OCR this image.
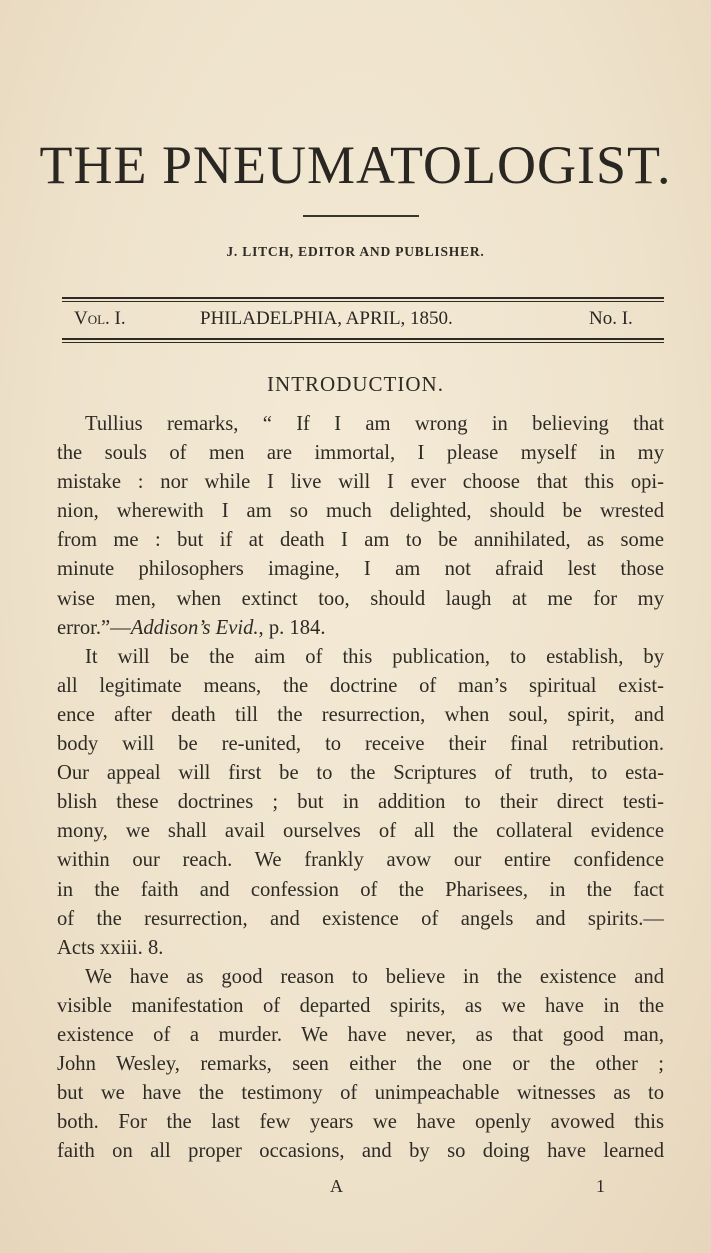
THE PNEUMATOLOGIST.
J. LITCH, EDITOR AND PUBLISHER.
Vol. I.	PHILADELPHIA, APRIL, 1850.	No. I.
INTRODUCTION.
Tullius remarks, “ If I am wrong in believing that
the souls of men are immortal, I please myself in my
mistake : nor while I live will I ever choose that this opi-
nion, wherewith I am so much delighted, should be wrested
from me : but if at death I am to be annihilated, as some
minute philosophers imagine, I am not afraid lest those
wise men, when extinct too, should laugh at me for my
error.”—Addison’s Evid., p. 184.
It will be the aim of this publication, to establish, by
all legitimate means, the doctrine of man’s spiritual exist-
ence after death till the resurrection, when soul, spirit, and
body will be re-united, to receive their final retribution.
Our appeal will first be to the Scriptures of truth, to esta-
blish these doctrines ; but in addition to their direct testi-
mony, we shall avail ourselves of all the collateral evidence
within our reach. We frankly avow our entire confidence
in the faith and confession of the Pharisees, in the fact
of the resurrection, and existence of angels and spirits.—
Acts xxiii. 8.
We have as good reason to believe in the existence and
visible manifestation of departed spirits, as we have in the
existence of a murder. We have never, as that good man,
John Wesley, remarks, seen either the one or the other ;
but we have the testimony of unimpeachable witnesses as to
both. For the last few years we have openly avowed this
faith on all proper occasions, and by so doing have learned
A	1
